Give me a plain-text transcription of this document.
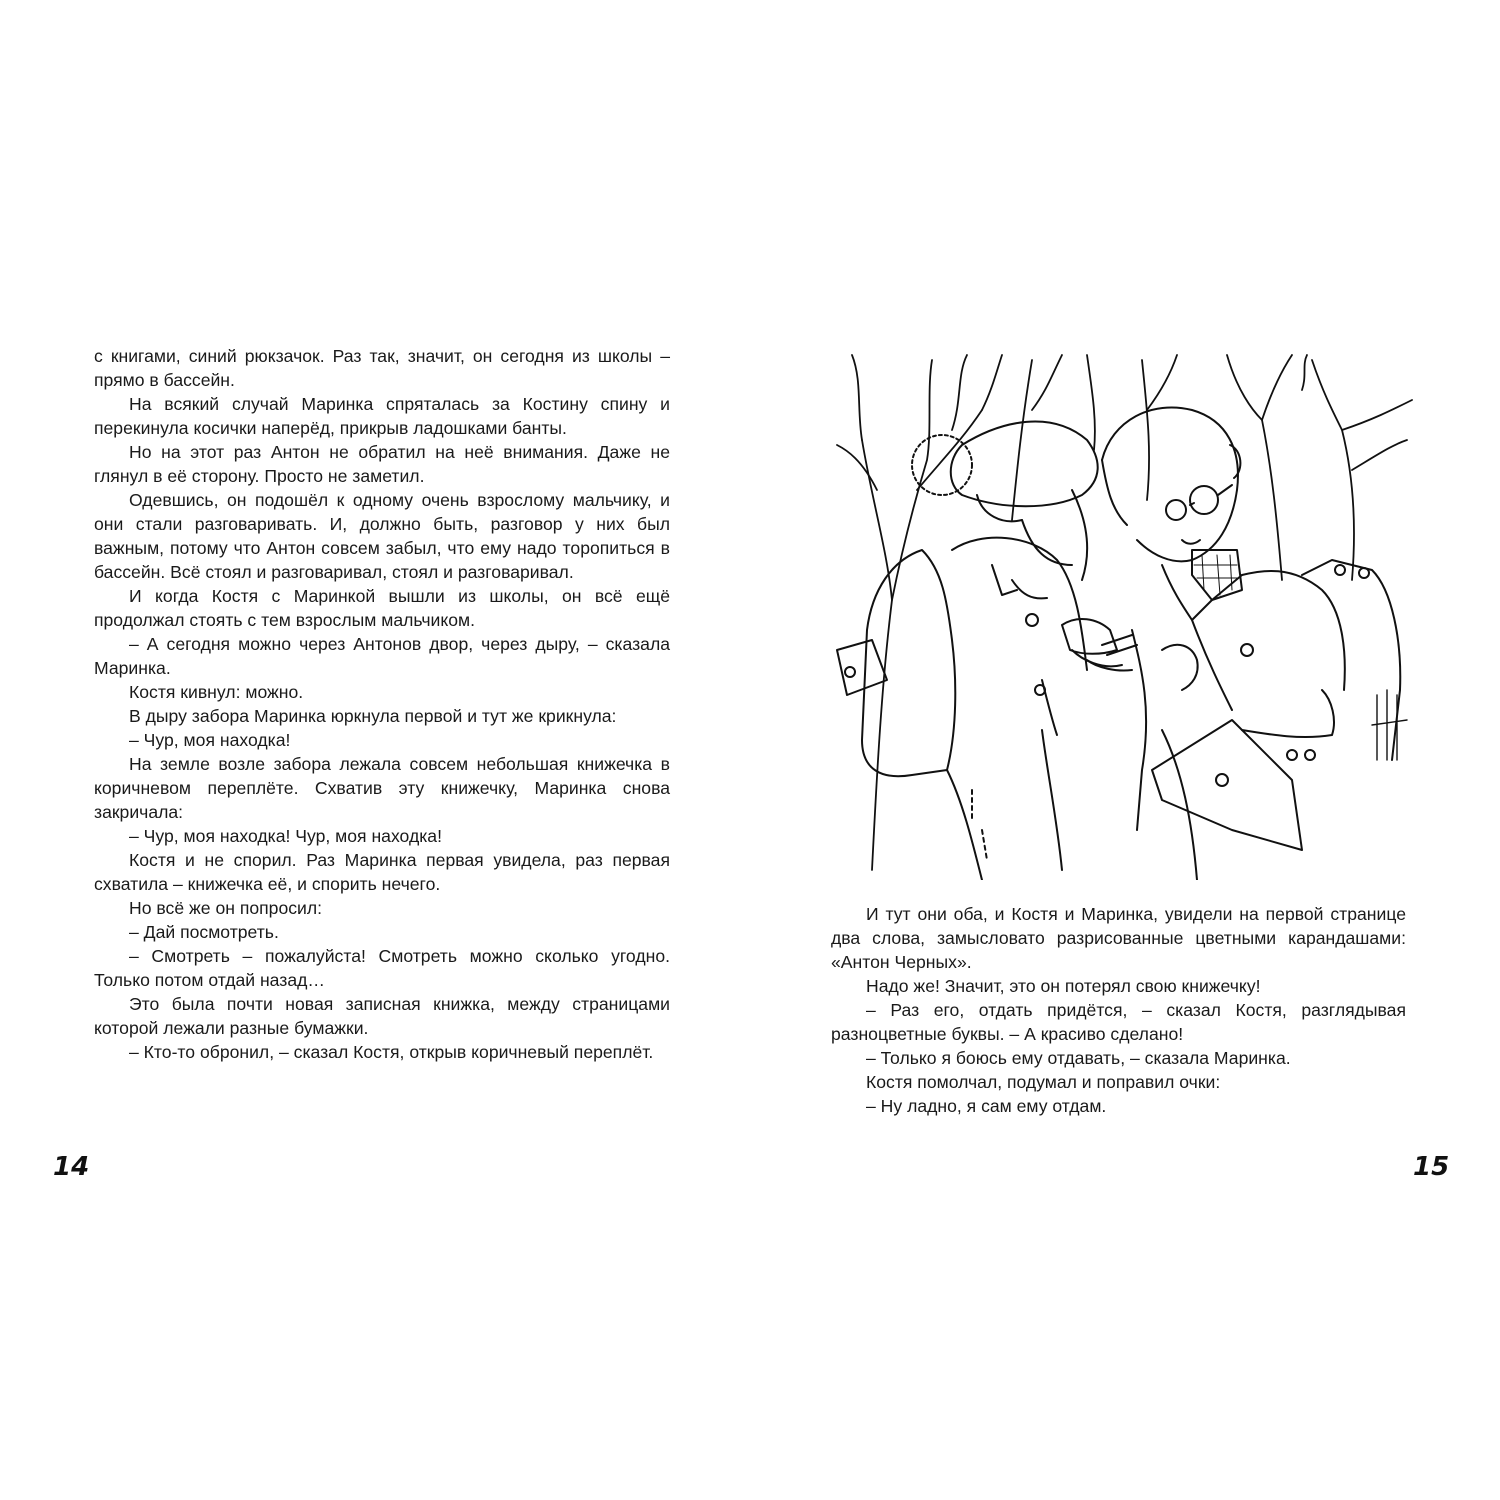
с книгами, синий рюкзачок. Раз так, значит, он сегодня из школы – прямо в бассейн.

На всякий случай Маринка спряталась за Костину спину и перекинула косички наперёд, прикрыв ладошками банты.

Но на этот раз Антон не обратил на неё внимания. Даже не глянул в её сторону. Просто не заметил.

Одевшись, он подошёл к одному очень взрослому мальчику, и они стали разговаривать. И, должно быть, разговор у них был важным, потому что Антон совсем забыл, что ему надо торопиться в бассейн. Всё стоял и разговаривал, стоял и разговаривал.

И когда Костя с Маринкой вышли из школы, он всё ещё продолжал стоять с тем взрослым мальчиком.

– А сегодня можно через Антонов двор, через дыру, – сказала Маринка.

Костя кивнул: можно.

В дыру забора Маринка юркнула первой и тут же крикнула:

– Чур, моя находка!

На земле возле забора лежала совсем небольшая книжечка в коричневом переплёте. Схватив эту книжечку, Маринка снова закричала:

– Чур, моя находка! Чур, моя находка!

Костя и не спорил. Раз Маринка первая увидела, раз первая схватила – книжечка её, и спорить нечего.

Но всё же он попросил:

– Дай посмотреть.

– Смотреть – пожалуйста! Смотреть можно сколько угодно. Только потом отдай назад…

Это была почти новая записная книжка, между страницами которой лежали разные бумажки.

– Кто-то обронил, – сказал Костя, открыв коричневый переплёт.

14

И тут они оба, и Костя и Маринка, увидели на первой странице два слова, замысловато разрисованные цветными карандашами: «Антон Черных».

Надо же! Значит, это он потерял свою книжечку!

– Раз его, отдать придётся, – сказал Костя, разглядывая разноцветные буквы. – А красиво сделано!

– Только я боюсь ему отдавать, – сказала Маринка.

Костя помолчал, подумал и поправил очки:

– Ну ладно, я сам ему отдам.

15
